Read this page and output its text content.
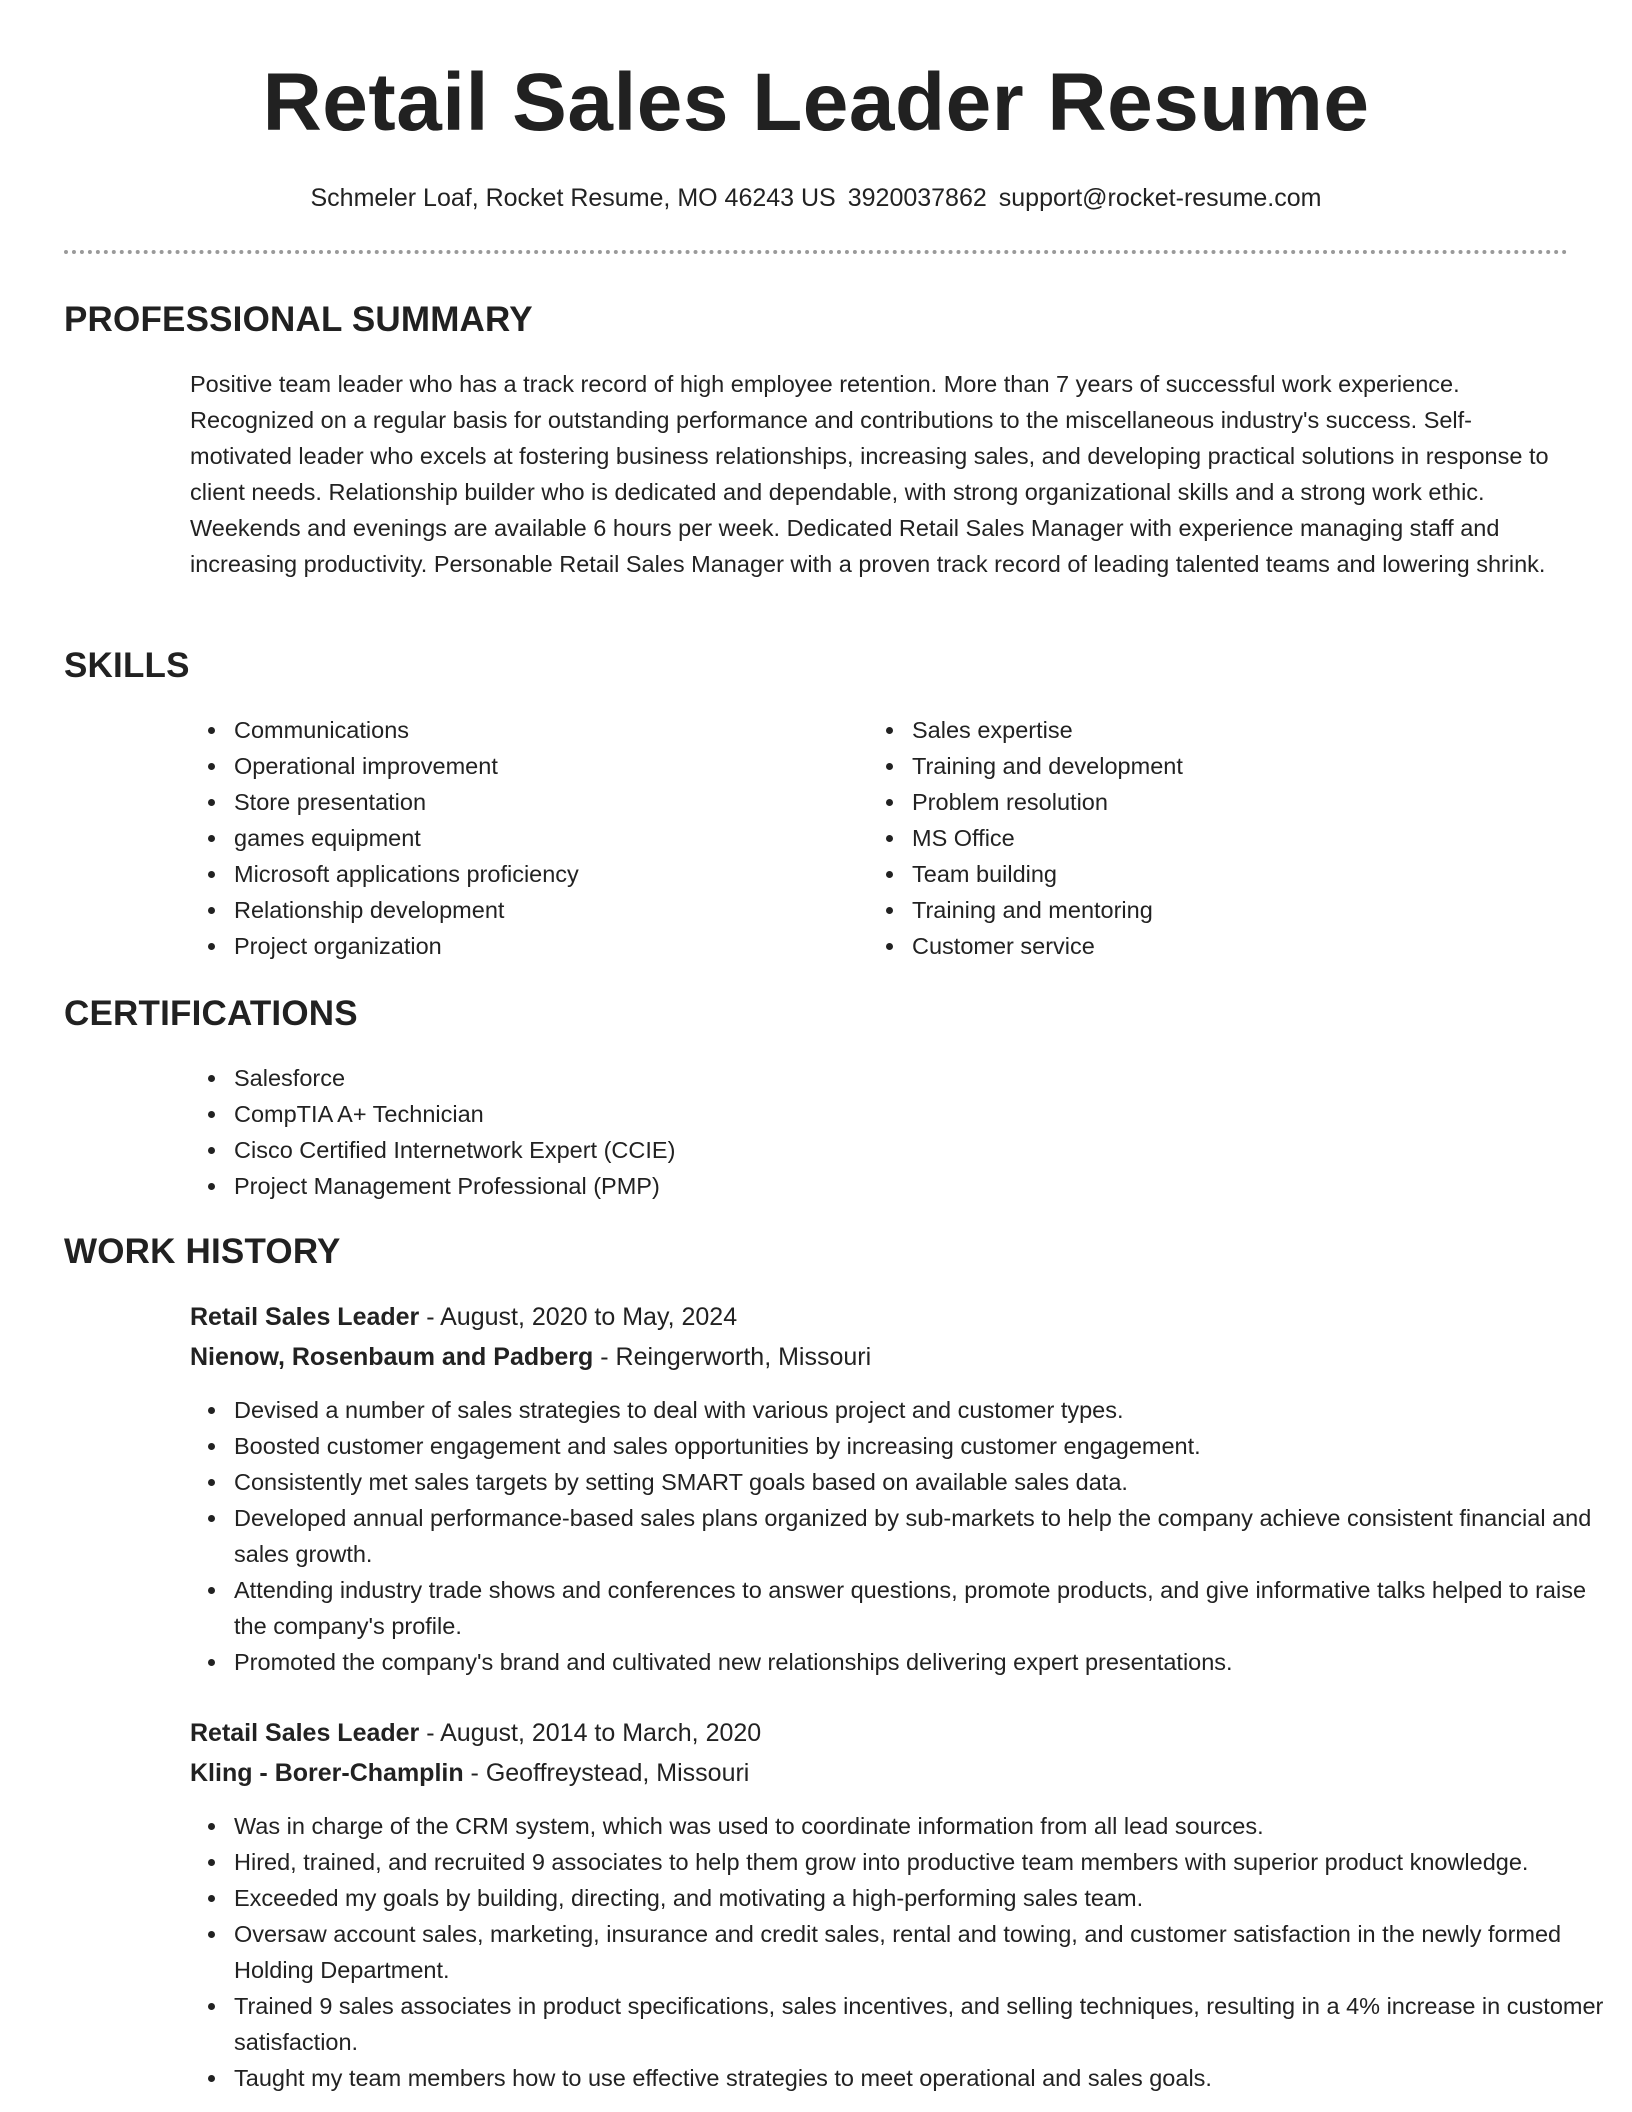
Retail Sales Leader Resume
Schmeler Loaf, Rocket Resume, MO 46243 US 3920037862 support@rocket-resume.com
PROFESSIONAL SUMMARY

Positive team leader who has a track record of high employee retention. More than 7 years of successful work experience. Recognized on a regular basis for outstanding performance and contributions to the miscellaneous industry's success. Self-motivated leader who excels at fostering business relationships, increasing sales, and developing practical solutions in response to client needs. Relationship builder who is dedicated and dependable, with strong organizational skills and a strong work ethic. Weekends and evenings are available 6 hours per week. Dedicated Retail Sales Manager with experience managing staff and increasing productivity. Personable Retail Sales Manager with a proven track record of leading talented teams and lowering shrink.

SKILLS
Communications
Operational improvement
Store presentation
games equipment
Microsoft applications proficiency
Relationship development
Project organization
Sales expertise
Training and development
Problem resolution
MS Office
Team building
Training and mentoring
Customer service
CERTIFICATIONS
Salesforce
CompTIA A+ Technician
Cisco Certified Internetwork Expert (CCIE)
Project Management Professional (PMP)
WORK HISTORY
Retail Sales Leader - August, 2020 to May, 2024
Nienow, Rosenbaum and Padberg - Reingerworth, Missouri
Devised a number of sales strategies to deal with various project and customer types.
Boosted customer engagement and sales opportunities by increasing customer engagement.
Consistently met sales targets by setting SMART goals based on available sales data.
Developed annual performance-based sales plans organized by sub-markets to help the company achieve consistent financial and sales growth.
Attending industry trade shows and conferences to answer questions, promote products, and give informative talks helped to raise the company's profile.
Promoted the company's brand and cultivated new relationships delivering expert presentations.
Retail Sales Leader - August, 2014 to March, 2020
Kling - Borer-Champlin - Geoffreystead, Missouri
Was in charge of the CRM system, which was used to coordinate information from all lead sources.
Hired, trained, and recruited 9 associates to help them grow into productive team members with superior product knowledge.
Exceeded my goals by building, directing, and motivating a high-performing sales team.
Oversaw account sales, marketing, insurance and credit sales, rental and towing, and customer satisfaction in the newly formed Holding Department.
Trained 9 sales associates in product specifications, sales incentives, and selling techniques, resulting in a 4% increase in customer satisfaction.
Taught my team members how to use effective strategies to meet operational and sales goals.
